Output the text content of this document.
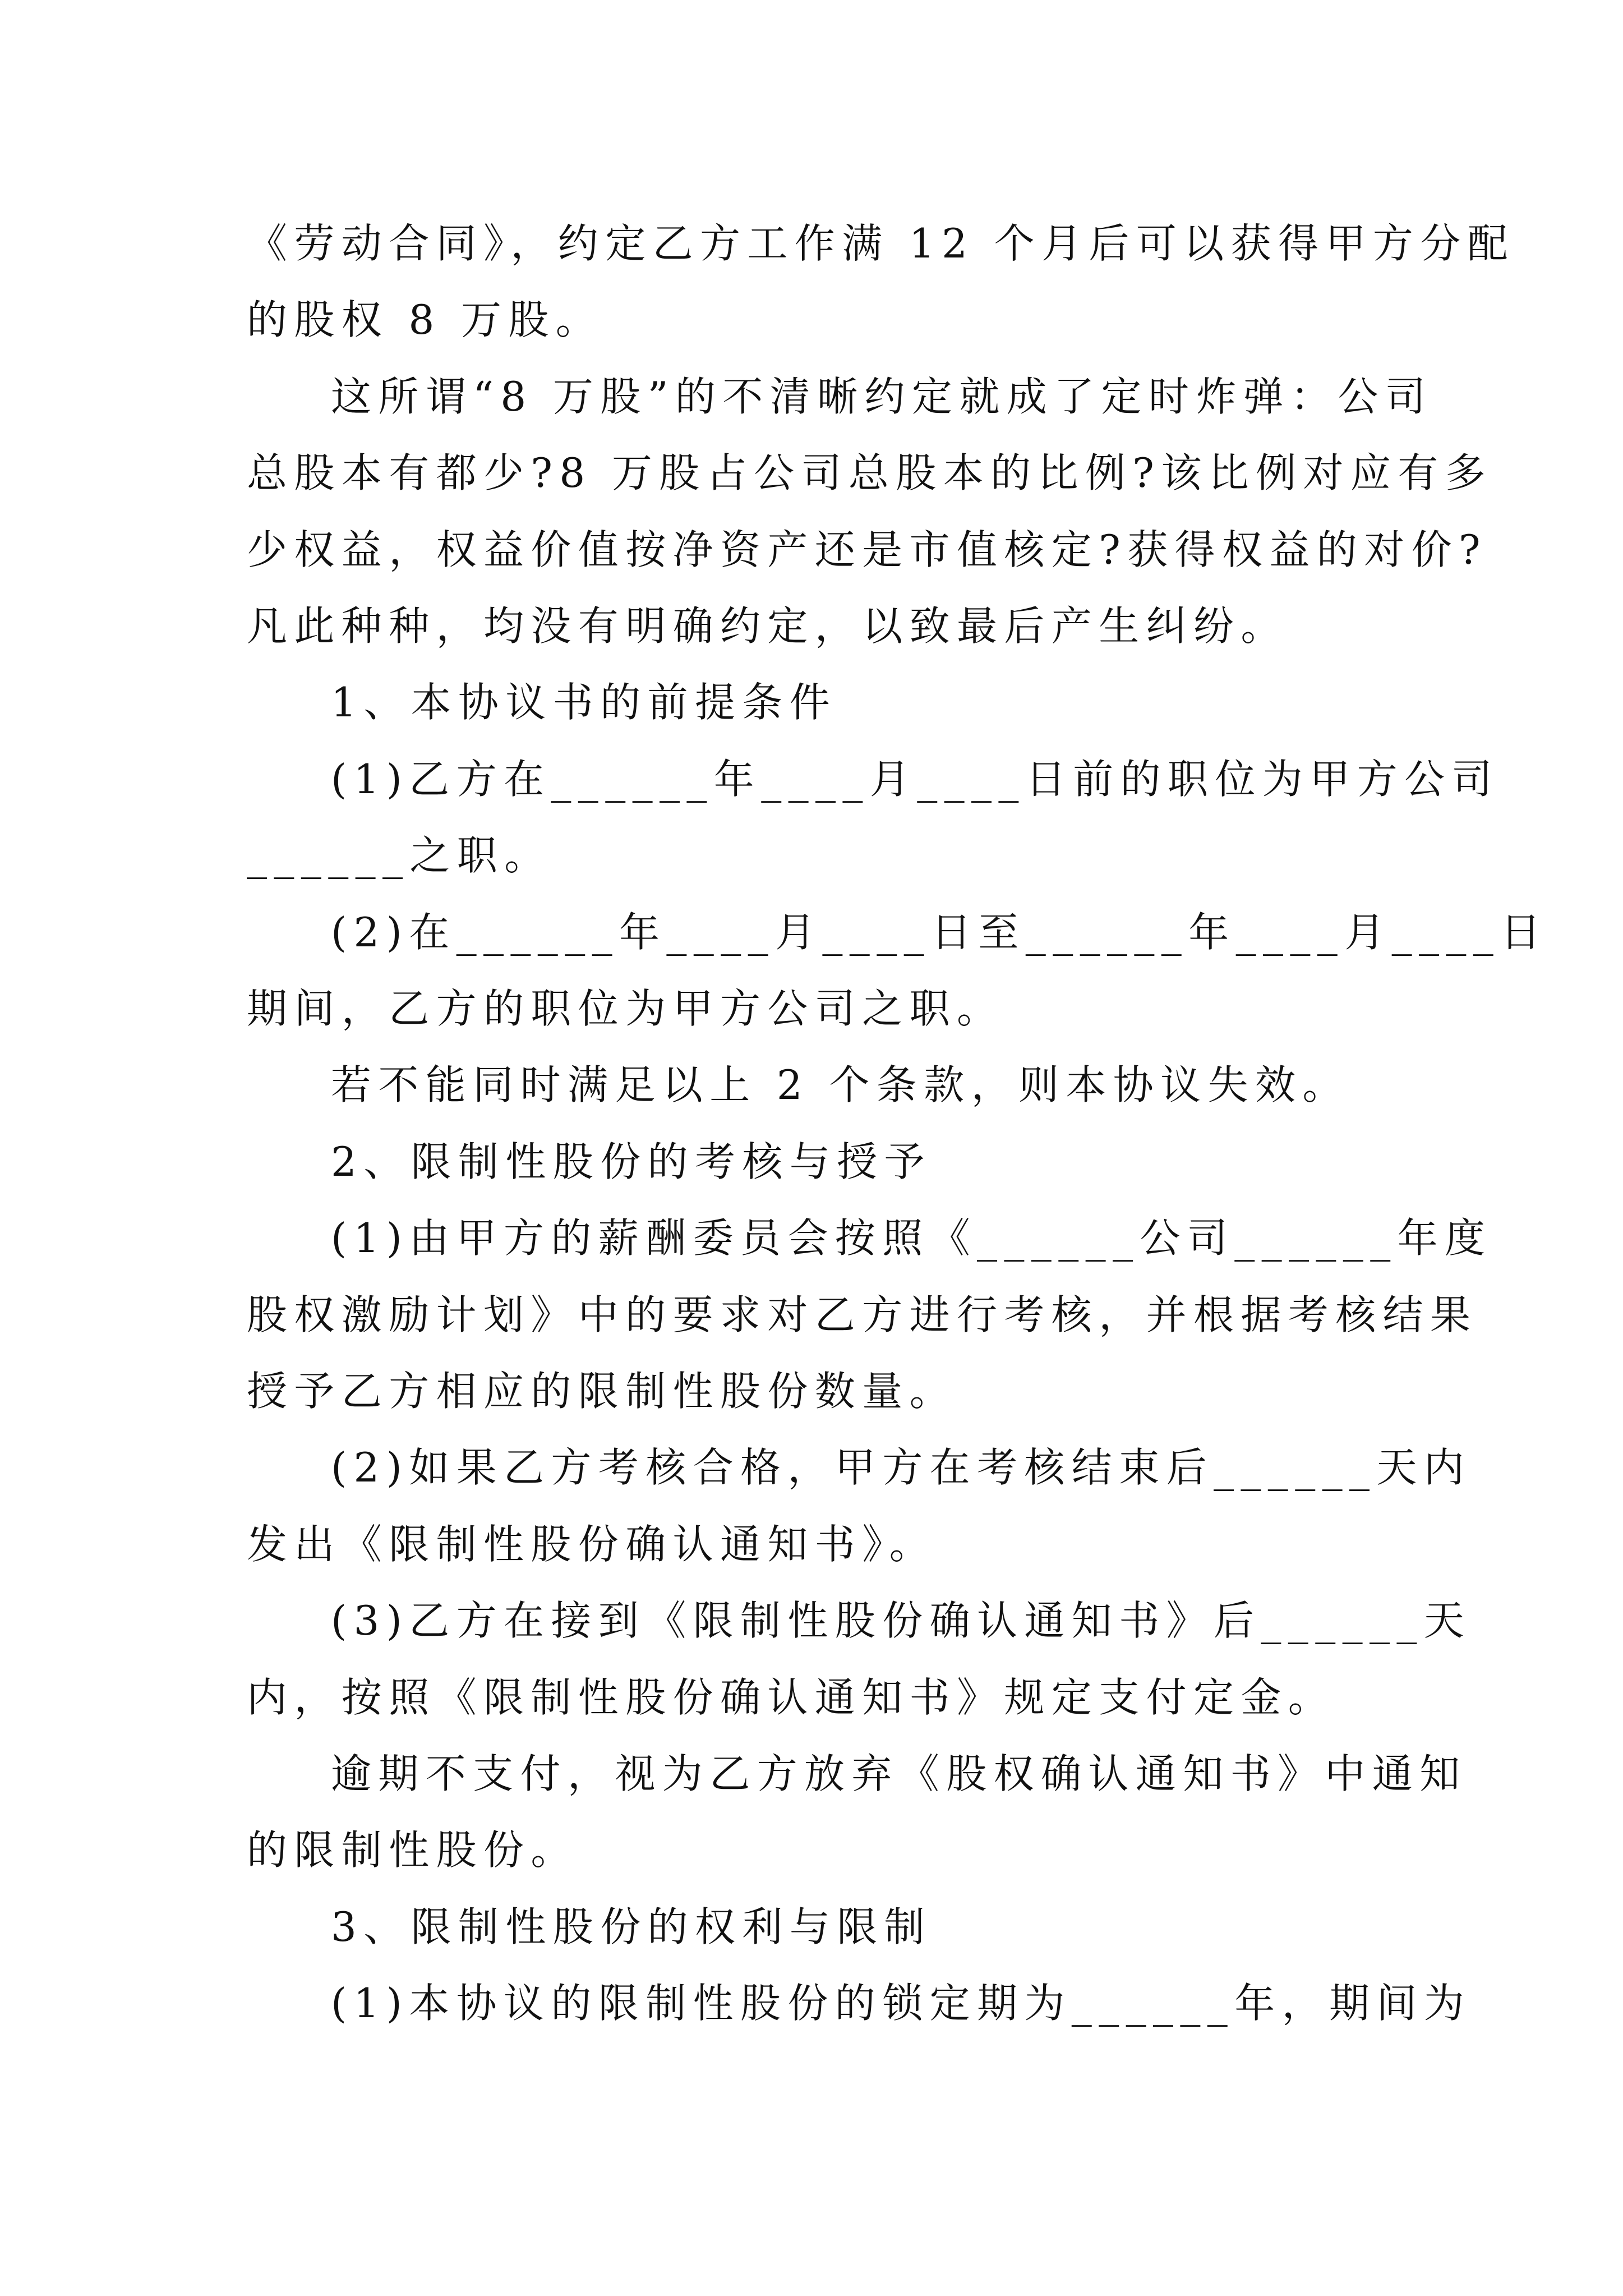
《劳动合同》，约定乙方工作满 12 个月后可以获得甲方分配
的股权 8 万股。
这所谓“8 万股”的不清晰约定就成了定时炸弹：公司
总股本有都少?8 万股占公司总股本的比例?该比例对应有多
少权益，权益价值按净资产还是市值核定?获得权益的对价?
凡此种种，均没有明确约定，以致最后产生纠纷。
1、本协议书的前提条件
(1)乙方在______年____月____日前的职位为甲方公司
______之职。
(2)在______年____月____日至______年____月____日
期间，乙方的职位为甲方公司之职。
若不能同时满足以上 2 个条款，则本协议失效。
2、限制性股份的考核与授予
(1)由甲方的薪酬委员会按照《______公司______年度
股权激励计划》中的要求对乙方进行考核，并根据考核结果
授予乙方相应的限制性股份数量。
(2)如果乙方考核合格，甲方在考核结束后______天内
发出《限制性股份确认通知书》。
(3)乙方在接到《限制性股份确认通知书》后______天
内，按照《限制性股份确认通知书》规定支付定金。
逾期不支付，视为乙方放弃《股权确认通知书》中通知
的限制性股份。
3、限制性股份的权利与限制
(1)本协议的限制性股份的锁定期为______年，期间为
